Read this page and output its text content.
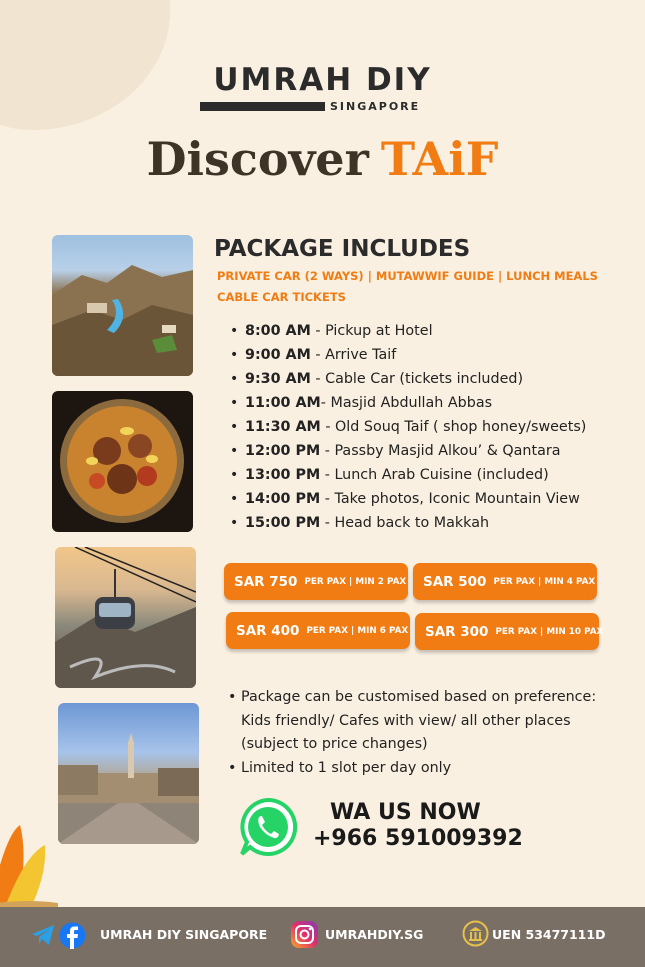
UMRAH DIY
SINGAPORE
Discover TAiF
PACKAGE INCLUDES
PRIVATE CAR (2 WAYS) | MUTAWWIF GUIDE | LUNCH MEALS
CABLE CAR TICKETS
• 8:00 AM - Pickup at Hotel
• 9:00 AM - Arrive Taif
• 9:30 AM - Cable Car (tickets included)
• 11:00 AM- Masjid Abdullah Abbas
• 11:30 AM - Old Souq Taif ( shop honey/sweets)
• 12:00 PM - Passby Masjid Alkou’ & Qantara
• 13:00 PM - Lunch Arab Cuisine (included)
• 14:00 PM - Take photos, Iconic Mountain View
• 15:00 PM - Head back to Makkah
SAR 750 PER PAX | MIN 2 PAX SAR 500 PER PAX | MIN 4 PAX
SAR 400 PER PAX | MIN 6 PAX SAR 300 PER PAX | MIN 10 PAX
• Package can be customised based on preference: Kids friendly/ Cafes with view/ all other places (subject to price changes)
• Limited to 1 slot per day only
WA US NOW
+966 591009392
UMRAH DIY SINGAPORE	UMRAHDIY.SG	UEN 53477111D
